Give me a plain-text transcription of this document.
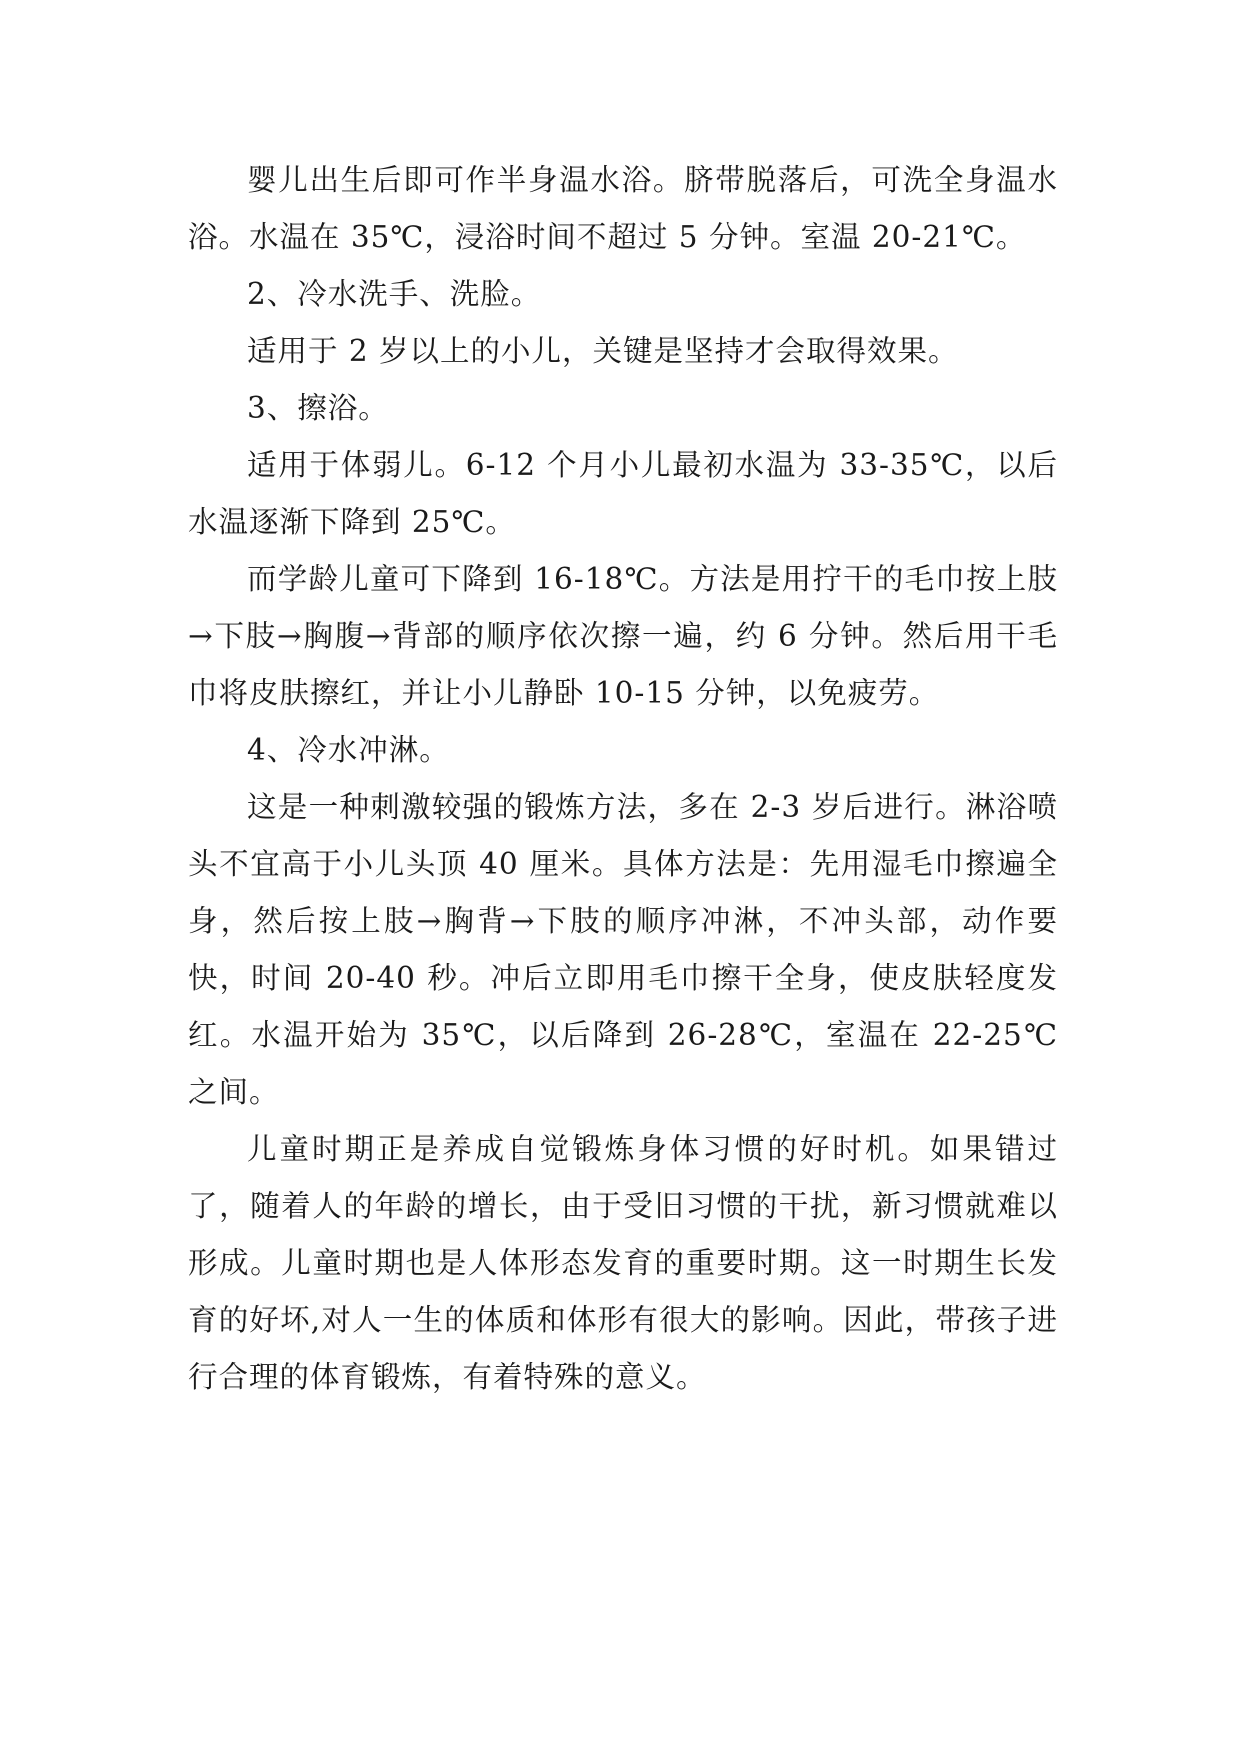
婴儿出生后即可作半身温水浴。脐带脱落后，可洗全身温水浴。水温在 35℃，浸浴时间不超过 5 分钟。室温 20-21℃。

2、冷水洗手、洗脸。

适用于 2 岁以上的小儿，关键是坚持才会取得效果。

3、擦浴。

适用于体弱儿。6-12 个月小儿最初水温为 33-35℃，以后水温逐渐下降到 25℃。

而学龄儿童可下降到 16-18℃。方法是用拧干的毛巾按上肢→下肢→胸腹→背部的顺序依次擦一遍，约 6 分钟。然后用干毛巾将皮肤擦红，并让小儿静卧 10-15 分钟，以免疲劳。

4、冷水冲淋。

这是一种刺激较强的锻炼方法，多在 2-3 岁后进行。淋浴喷头不宜高于小儿头顶 40 厘米。具体方法是：先用湿毛巾擦遍全身，然后按上肢→胸背→下肢的顺序冲淋，不冲头部，动作要快，时间 20-40 秒。冲后立即用毛巾擦干全身，使皮肤轻度发红。水温开始为 35℃，以后降到 26-28℃，室温在 22-25℃之间。

儿童时期正是养成自觉锻炼身体习惯的好时机。如果错过了，随着人的年龄的增长，由于受旧习惯的干扰，新习惯就难以形成。儿童时期也是人体形态发育的重要时期。这一时期生长发育的好坏,对人一生的体质和体形有很大的影响。因此，带孩子进行合理的体育锻炼，有着特殊的意义。
